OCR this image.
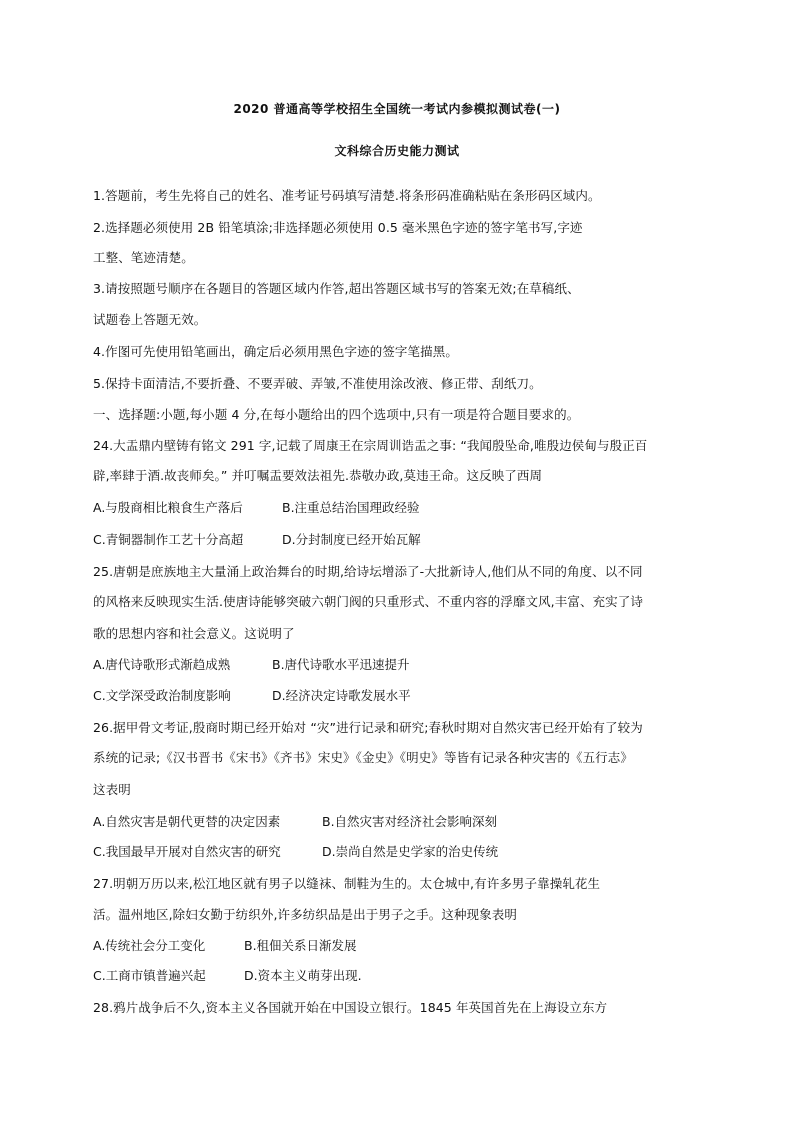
2020 普通高等学校招生全国统一考试内参模拟测试卷(一)
文科综合历史能力测试
1.答题前，考生先将自己的姓名、准考证号码填写清楚.将条形码准确粘贴在条形码区域内。
2.选择题必须使用 2B 铅笔填涂;非选择题必须使用 0.5 毫米黑色字迹的签字笔书写,字迹
工整、笔迹清楚。
3.请按照题号顺序在各题目的答题区域内作答,超出答题区域书写的答案无效;在草稿纸、
试题卷上答题无效。
4.作图可先使用铅笔画出，确定后必须用黑色字迹的签字笔描黑。
5.保持卡面清洁,不要折叠、不要弄破、弄皱,不准使用涂改液、修正带、刮纸刀。
一、选择题:小题,每小题 4 分,在每小题给出的四个选项中,只有一项是符合题目要求的。
24.大盂鼎内壁铸有铭文 291 字,记载了周康王在宗周训诰盂之事: “我闻殷坠命,唯殷边侯甸与殷正百
辟,率肆于酒.故丧师矣。” 并叮嘱盂要效法祖先.恭敬办政,莫违王命。这反映了西周
A.与殷商相比粮食生产落后	B.注重总结治国理政经验
C.青铜器制作工艺十分高超	D.分封制度已经开始瓦解
25.唐朝是庶族地主大量涌上政治舞台的时期,给诗坛增添了-大批新诗人,他们从不同的角度、以不同
的风格来反映现实生活.使唐诗能够突破六朝门阀的只重形式、不重内容的浮靡文风,丰富、充实了诗
歌的思想内容和社会意义。这说明了
A.唐代诗歌形式渐趋成熟	B.唐代诗歌水平迅速提升
C.文学深受政治制度影响	D.经济决定诗歌发展水平
26.据甲骨文考证,殷商时期已经开始对 “灾”进行记录和研究;春秋时期对自然灾害已经开始有了较为
系统的记录;《汉书晋书《宋书》《齐书》宋史》《金史》《明史》等皆有记录各种灾害的《五行志》
这表明
A.自然灾害是朝代更替的决定因素	B.自然灾害对经济社会影响深刻
C.我国最早开展对自然灾害的研究	D.崇尚自然是史学家的治史传统
27.明朝万历以来,松江地区就有男子以缝袜、制鞋为生的。太仓城中,有许多男子靠操轧花生
活。温州地区,除妇女勤于纺织外,许多纺织品是出于男子之手。这种现象表明
A.传统社会分工变化	B.租佃关系日渐发展
C.工商市镇普遍兴起	D.资本主义萌芽出现.
28.鸦片战争后不久,资本主义各国就开始在中国设立银行。1845 年英国首先在上海设立东方
